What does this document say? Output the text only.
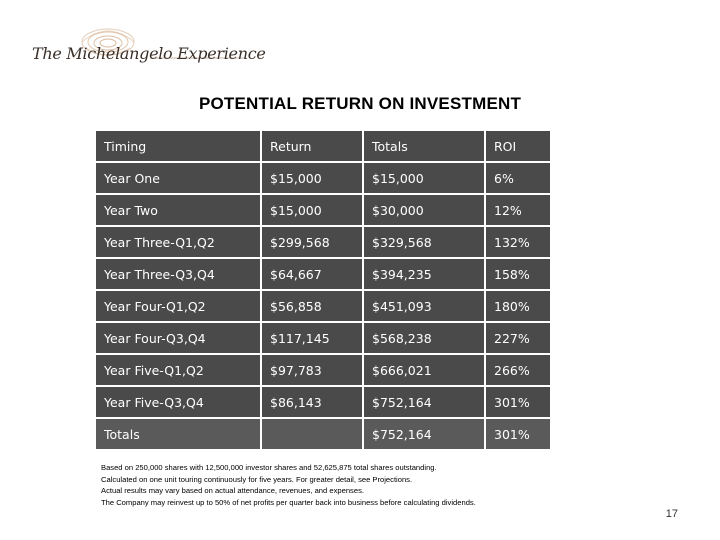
The Michelangelo Experience
POTENTIAL RETURN ON INVESTMENT
Timing	Return	Totals	ROI
Year One	$15,000	$15,000	6%
Year Two	$15,000	$30,000	12%
Year Three-Q1,Q2	$299,568	$329,568	132%
Year Three-Q3,Q4	$64,667	$394,235	158%
Year Four-Q1,Q2	$56,858	$451,093	180%
Year Four-Q3,Q4	$117,145	$568,238	227%
Year Five-Q1,Q2	$97,783	$666,021	266%
Year Five-Q3,Q4	$86,143	$752,164	301%
Totals		$752,164	301%
Based on 250,000 shares with 12,500,000 investor shares and 52,625,875 total shares outstanding.
Calculated on one unit touring continuously for five years. For greater detail, see Projections.
Actual results may vary based on actual attendance, revenues, and expenses.
The Company may reinvest up to 50% of net profits per quarter back into business before calculating dividends.
17
